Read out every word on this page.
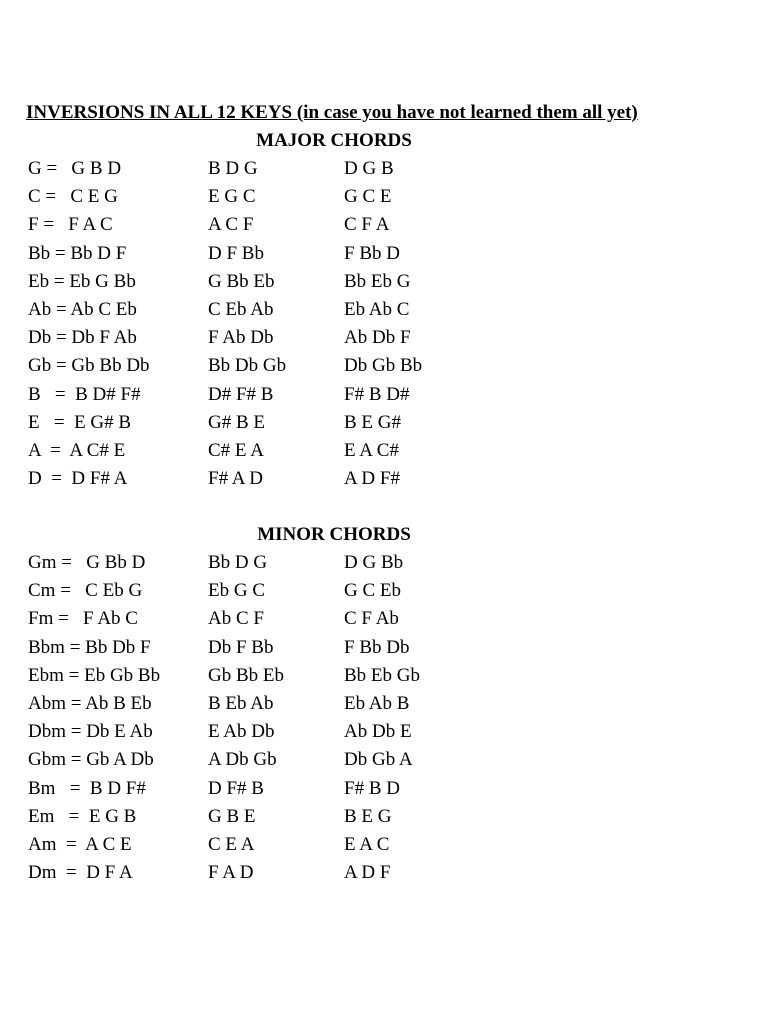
INVERSIONS IN ALL 12 KEYS (in case you have not learned them all yet)
MAJOR CHORDS
G =   G B D	B D G	D G B
C =   C E G	E G C	G C E
F =   F A C	A C F	C F A
Bb = Bb D F	D F Bb	F Bb D
Eb = Eb G Bb	G Bb Eb	Bb Eb G
Ab = Ab C Eb	C Eb Ab	Eb Ab C
Db = Db F Ab	F Ab Db	Ab Db F
Gb = Gb Bb Db	Bb Db Gb	Db Gb Bb
B   =  B D# F#	D# F# B	F# B D#
E   =  E G# B	G# B E	B E G#
A  =  A C# E	C# E A	E A C#
D  =  D F# A	F# A D	A D F#
MINOR CHORDS
Gm =   G Bb D	Bb D G	D G Bb
Cm =   C Eb G	Eb G C	G C Eb
Fm =   F Ab C	Ab C F	C F Ab
Bbm = Bb Db F	Db F Bb	F Bb Db
Ebm = Eb Gb Bb	Gb Bb Eb	Bb Eb Gb
Abm = Ab B Eb	B Eb Ab	Eb Ab B
Dbm = Db E Ab	E Ab Db	Ab Db E
Gbm = Gb A Db	A Db Gb	Db Gb A
Bm   =  B D F#	D F# B	F# B D
Em   =  E G B	G B E	B E G
Am  =  A C E	C E A	E A C
Dm  =  D F A	F A D	A D F
